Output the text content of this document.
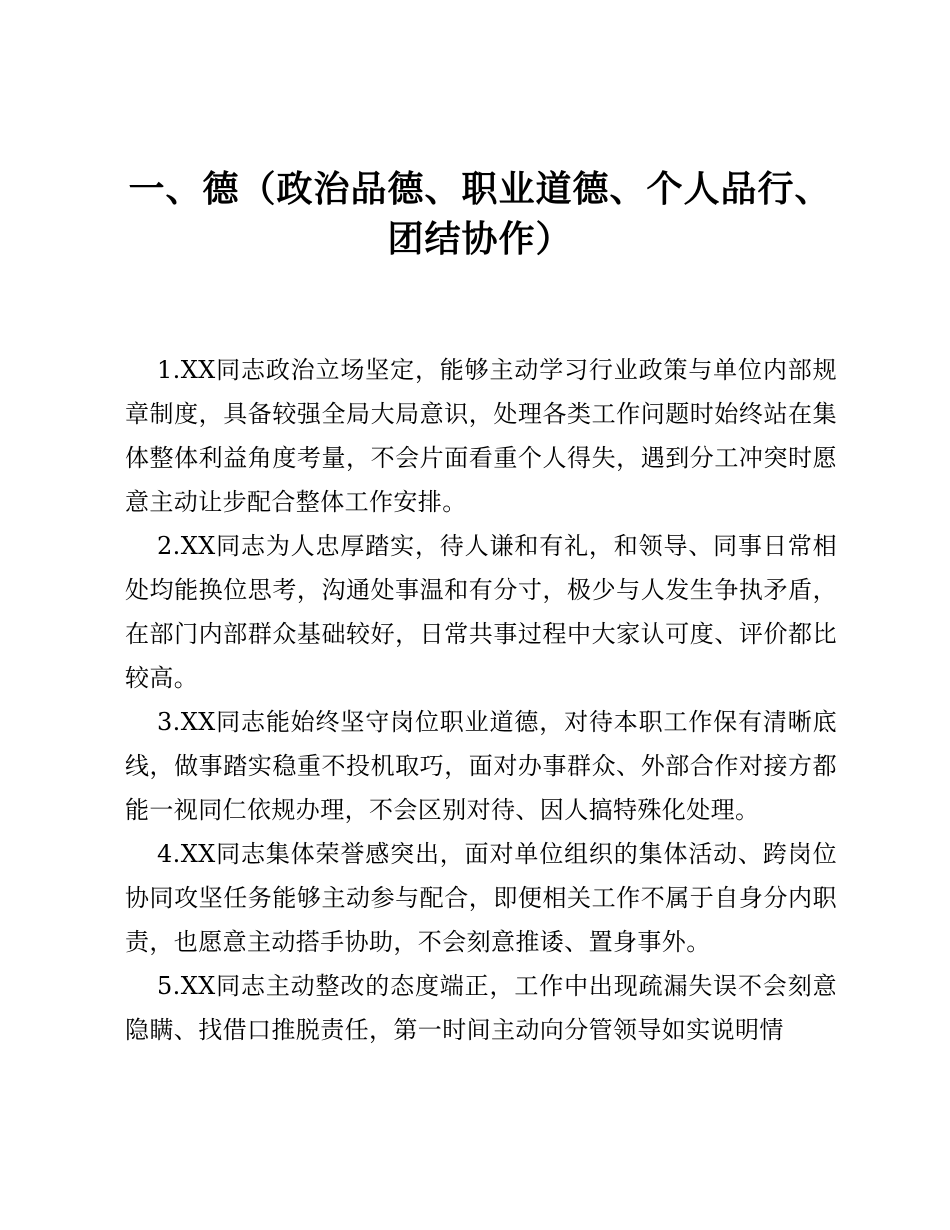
一、德（政治品德、职业道德、个人品行、团结协作）

1.XX同志政治立场坚定，能够主动学习行业政策与单位内部规章制度，具备较强全局大局意识，处理各类工作问题时始终站在集体整体利益角度考量，不会片面看重个人得失，遇到分工冲突时愿意主动让步配合整体工作安排。

2.XX同志为人忠厚踏实，待人谦和有礼，和领导、同事日常相处均能换位思考，沟通处事温和有分寸，极少与人发生争执矛盾，在部门内部群众基础较好，日常共事过程中大家认可度、评价都比较高。

3.XX同志能始终坚守岗位职业道德，对待本职工作保有清晰底线，做事踏实稳重不投机取巧，面对办事群众、外部合作对接方都能一视同仁依规办理，不会区别对待、因人搞特殊化处理。

4.XX同志集体荣誉感突出，面对单位组织的集体活动、跨岗位协同攻坚任务能够主动参与配合，即便相关工作不属于自身分内职责，也愿意主动搭手协助，不会刻意推诿、置身事外。

5.XX同志主动整改的态度端正，工作中出现疏漏失误不会刻意隐瞒、找借口推脱责任，第一时间主动向分管领导如实说明情
